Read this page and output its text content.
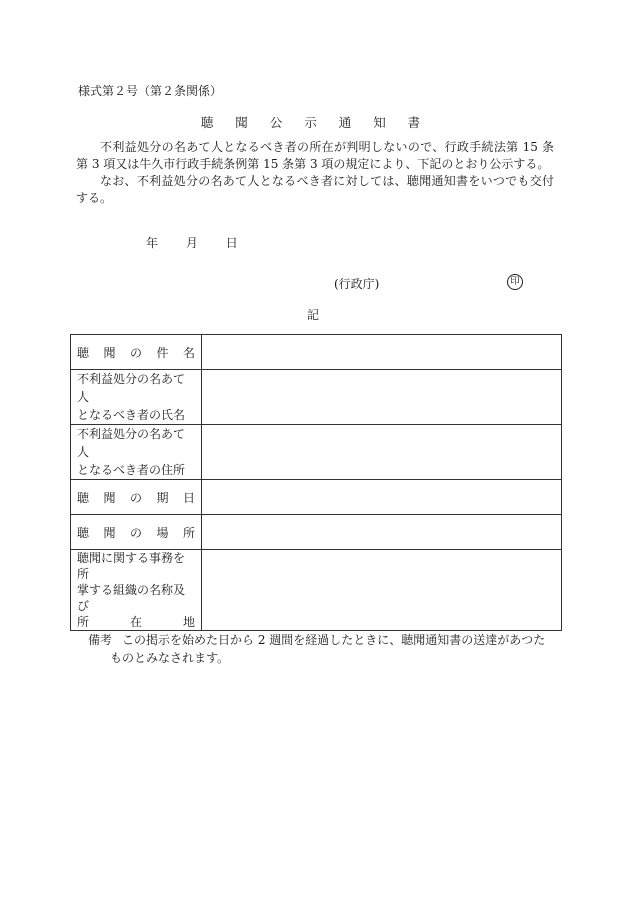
様式第２号（第２条関係）
聴 聞 公 示 通 知 書
不利益処分の名あて人となるべき者の所在が判明しないので、行政手続法第 15 条第 3 項又は牛久市行政手続条例第 15 条第 3 項の規定により、下記のとおり公示する。
なお、不利益処分の名あて人となるべき者に対しては、聴聞通知書をいつでも交付する。
年 月 日
(行政庁)	印
記
聴 聞 の 件 名	

不利益処分の名あて人
となるべき者の氏名	

不利益処分の名あて人
となるべき者の住所	

聴 聞 の 期 日	

聴 聞 の 場 所	

聴聞に関する事務を所
掌する組織の名称及び
所 在 地	

備考 この掲示を始めた日から 2 週間を経過したときに、聴聞通知書の送達があつた
ものとみなされます。
